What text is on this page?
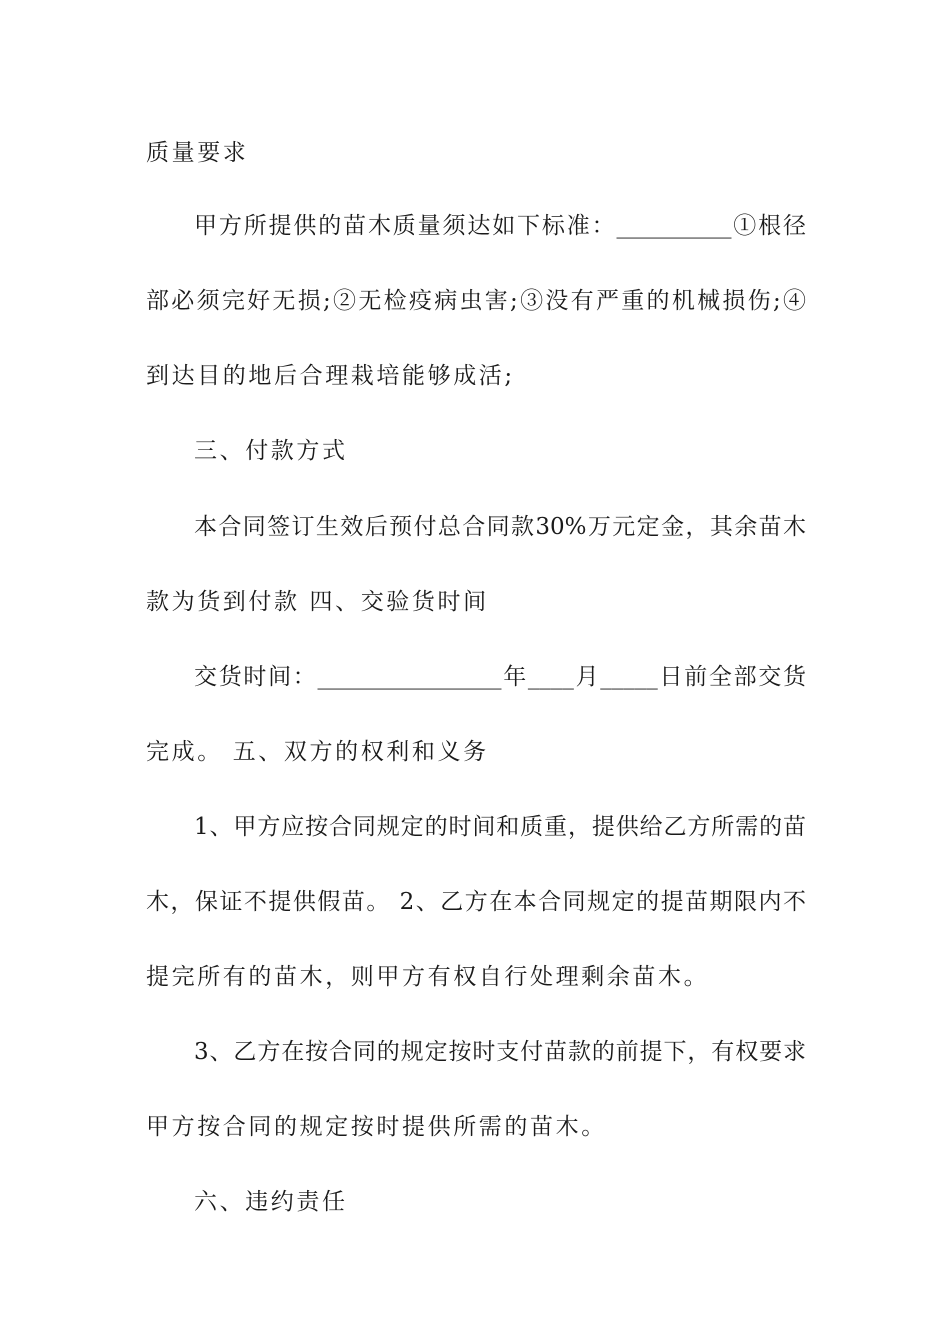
质量要求
甲方所提供的苗木质量须达如下标准：__________①根径
部必须完好无损;②无检疫病虫害;③没有严重的机械损伤;④
到达目的地后合理栽培能够成活;
三、付款方式
本合同签订生效后预付总合同款30%万元定金，其余苗木
款为货到付款 四、交验货时间
交货时间：________________年____月_____日前全部交货
完成。 五、双方的权利和义务
1、甲方应按合同规定的时间和质重，提供给乙方所需的苗
木，保证不提供假苗。 2、乙方在本合同规定的提苗期限内不
提完所有的苗木，则甲方有权自行处理剩余苗木。
3、乙方在按合同的规定按时支付苗款的前提下，有权要求
甲方按合同的规定按时提供所需的苗木。
六、违约责任
